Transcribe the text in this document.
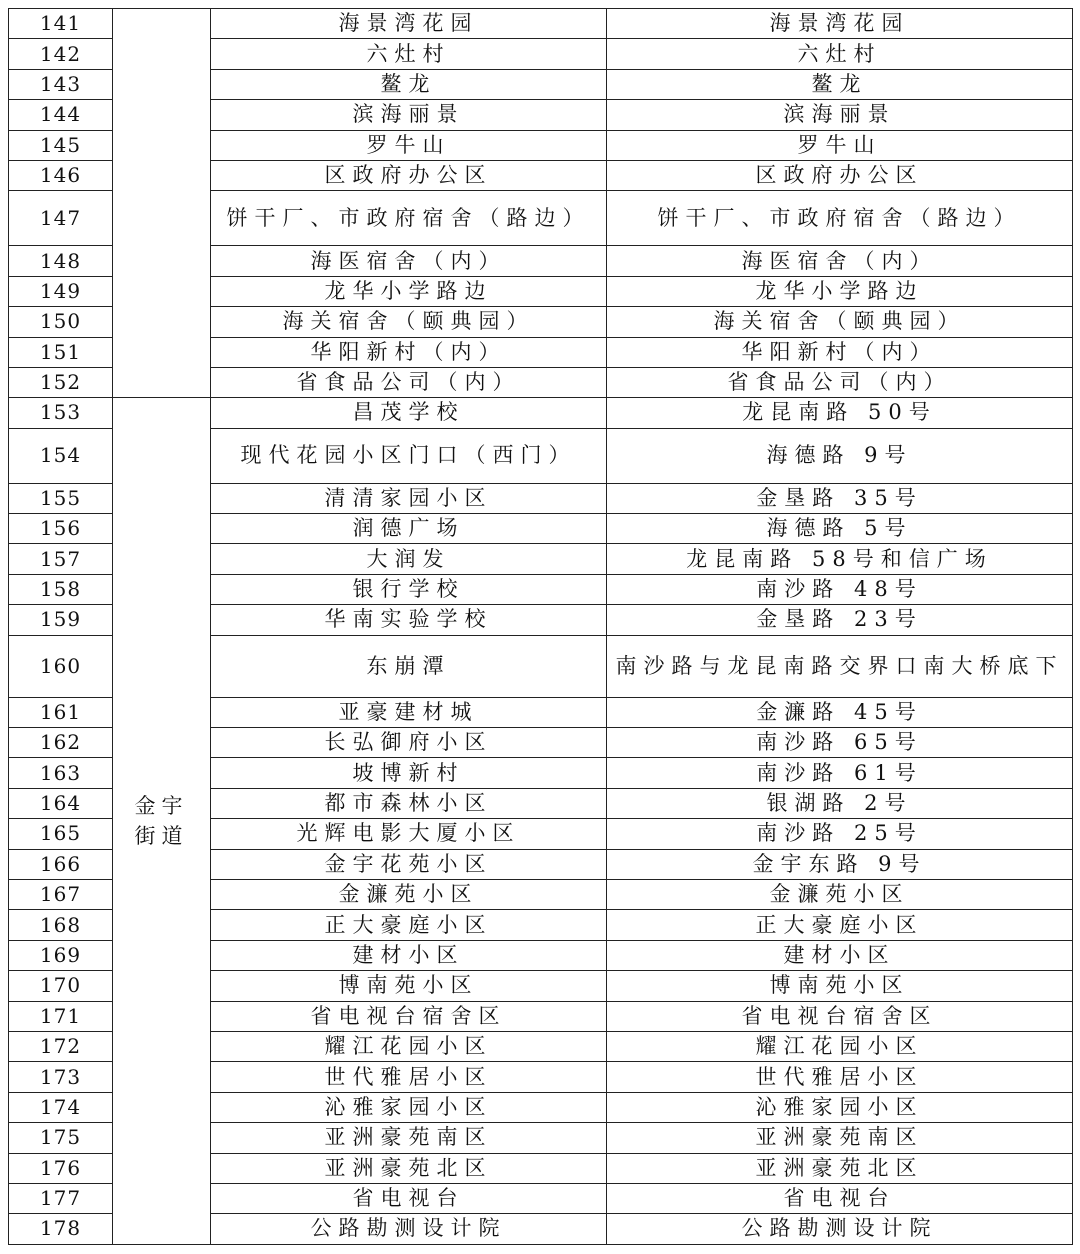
141		海景湾花园	海景湾花园
142		六灶村	六灶村
143		鳌龙	鳌龙
144		滨海丽景	滨海丽景
145		罗牛山	罗牛山
146		区政府办公区	区政府办公区
147		饼干厂、市政府宿舍（路边）	饼干厂、市政府宿舍（路边）
148		海医宿舍（内）	海医宿舍（内）
149		龙华小学路边	龙华小学路边
150		海关宿舍（颐典园）	海关宿舍（颐典园）
151		华阳新村（内）	华阳新村（内）
152		省食品公司（内）	省食品公司（内）
153	金宇街道	昌茂学校	龙昆南路 50号
154		现代花园小区门口（西门）	海德路 9号
155		清清家园小区	金垦路 35号
156		润德广场	海德路 5号
157		大润发	龙昆南路 58号和信广场
158		银行学校	南沙路 48号
159		华南实验学校	金垦路 23号
160		东崩潭	南沙路与龙昆南路交界口南大桥底下
161		亚豪建材城	金濂路 45号
162		长弘御府小区	南沙路 65号
163		坡博新村	南沙路 61号
164		都市森林小区	银湖路 2号
165		光辉电影大厦小区	南沙路 25号
166		金宇花苑小区	金宇东路 9号
167		金濂苑小区	金濂苑小区
168		正大豪庭小区	正大豪庭小区
169		建材小区	建材小区
170		博南苑小区	博南苑小区
171		省电视台宿舍区	省电视台宿舍区
172		耀江花园小区	耀江花园小区
173		世代雅居小区	世代雅居小区
174		沁雅家园小区	沁雅家园小区
175		亚洲豪苑南区	亚洲豪苑南区
176		亚洲豪苑北区	亚洲豪苑北区
177		省电视台	省电视台
178		公路勘测设计院	公路勘测设计院
